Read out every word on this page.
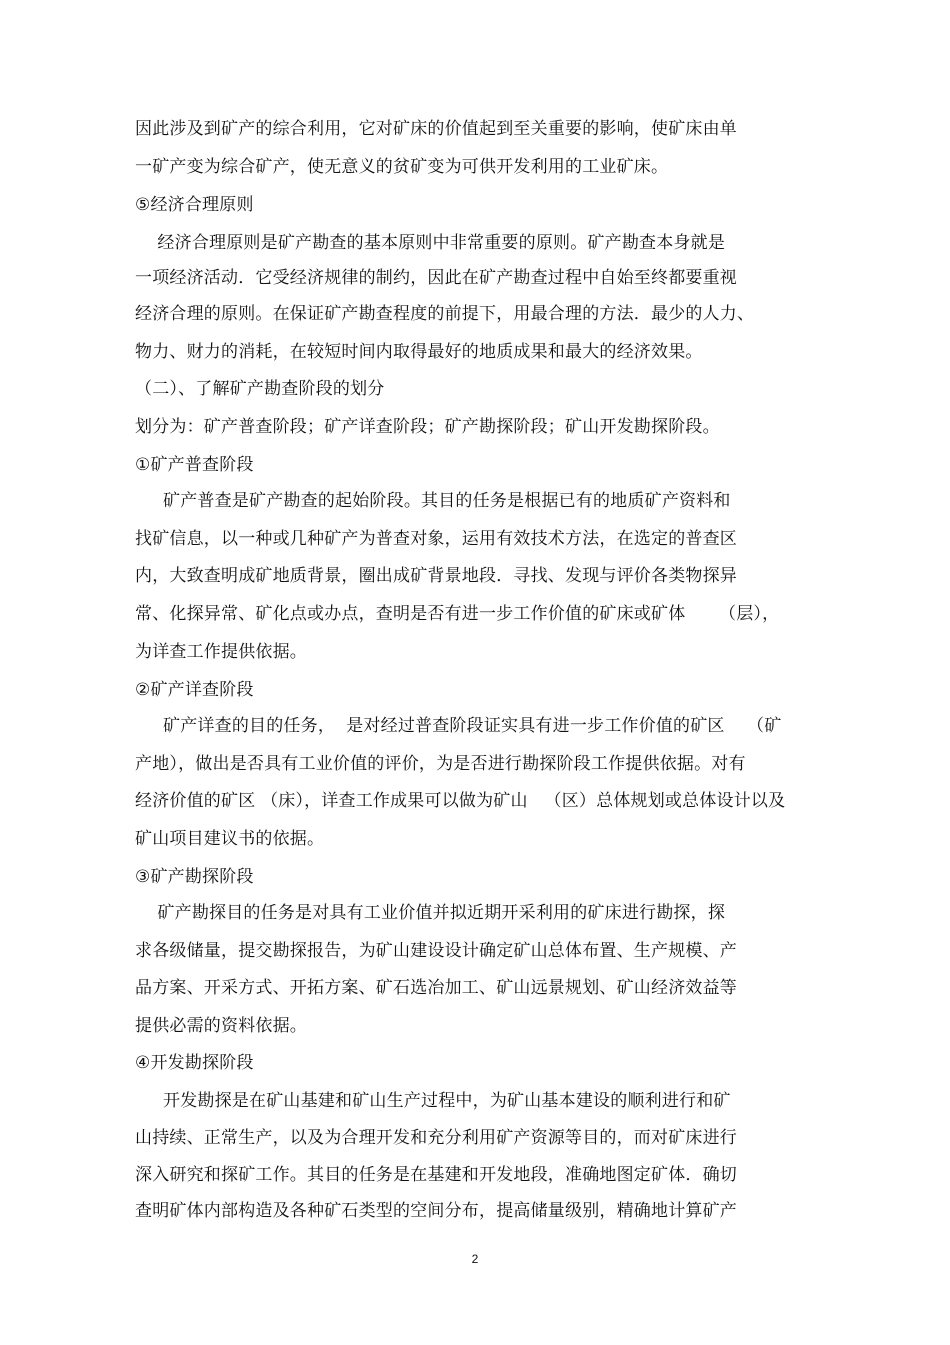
因此涉及到矿产的综合利用，它对矿床的价值起到至关重要的影响，使矿床由单
一矿产变为综合矿产，使无意义的贫矿变为可供开发利用的工业矿床。
⑤经济合理原则
经济合理原则是矿产勘查的基本原则中非常重要的原则。矿产勘查本身就是
一项经济活动．它受经济规律的制约，因此在矿产勘查过程中自始至终都要重视
经济合理的原则。在保证矿产勘查程度的前提下，用最合理的方法．最少的人力、
物力、财力的消耗，在较短时间内取得最好的地质成果和最大的经济效果。
（二）、了解矿产勘查阶段的划分
划分为：矿产普查阶段；矿产详查阶段；矿产勘探阶段；矿山开发勘探阶段。
①矿产普查阶段
矿产普查是矿产勘查的起始阶段。其目的任务是根据已有的地质矿产资料和
找矿信息，以一种或几种矿产为普查对象，运用有效技术方法，在选定的普查区
内，大致查明成矿地质背景，圈出成矿背景地段．寻找、发现与评价各类物探异
常、化探异常、矿化点或办点，查明是否有进一步工作价值的矿床或矿体      （层），
为详查工作提供依据。
②矿产详查阶段
矿产详查的目的任务，  是对经过普查阶段证实具有进一步工作价值的矿区    （矿
产地），做出是否具有工业价值的评价，为是否进行勘探阶段工作提供依据。对有
经济价值的矿区 （床），详查工作成果可以做为矿山   （区）总体规划或总体设计以及
矿山项目建议书的依据。
③矿产勘探阶段
矿产勘探目的任务是对具有工业价值并拟近期开采利用的矿床进行勘探，探
求各级储量，提交勘探报告，为矿山建设设计确定矿山总体布置、生产规模、产
品方案、开采方式、开拓方案、矿石选冶加工、矿山远景规划、矿山经济效益等
提供必需的资料依据。
④开发勘探阶段
开发勘探是在矿山基建和矿山生产过程中，为矿山基本建设的顺利进行和矿
山持续、正常生产，以及为合理开发和充分利用矿产资源等目的，而对矿床进行
深入研究和探矿工作。其目的任务是在基建和开发地段，准确地图定矿体．确切
查明矿体内部构造及各种矿石类型的空间分布，提高储量级别，精确地计算矿产
2
